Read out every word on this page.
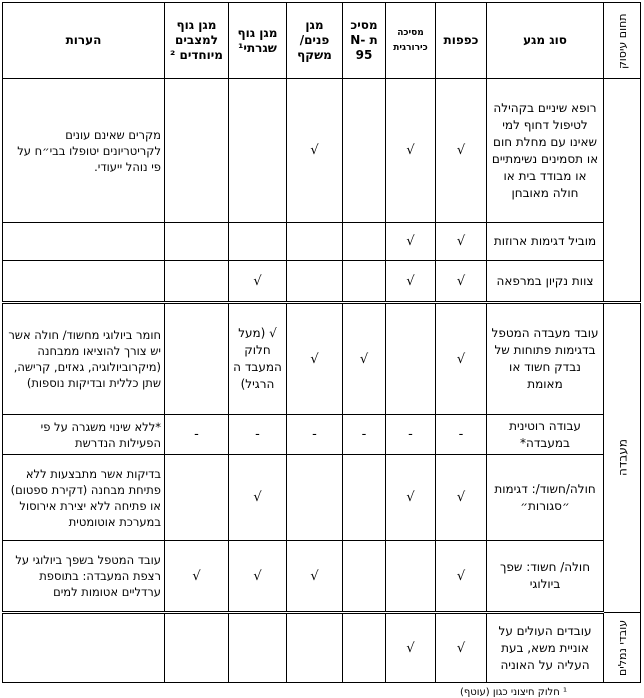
תחום עיסוק	סוג מגע	כפפות	מסיכה כירורגית	מסיכ ת N-95	מגן פנים/ משקף	מגן גוף שגרתי¹	מגן גוף למצבים מיוחדים ²	הערות
	רופא שיניים בקהילה לטיפול דחוף למי שאינו עם מחלת חום או תסמינים נשימתיים או מבודד בית או חולה מאובחן	√	√		√			מקרים שאינם עונים לקריטריונים יטופלו בבי״ח על פי נוהל ייעודי.
	מוביל דגימות ארוזות	√	√					
	צוות נקיון במרפאה	√	√			√		
מעבדה	עובד מעבדה המטפל בדגימות פתוחות של נבדק חשוד או מאומת	√		√	√	√ (מעל חלוק המעבד ה הרגיל)		חומר ביולוגי מחשוד/ חולה אשר יש צורך להוציאו ממבחנה (מיקרוביולוגיה, גאזים, קרישה, שתן כללית ובדיקות נוספות)
	עבודה רוטינית במעבדה*	-	-	-	-	-	-	*ללא שינוי משגרה על פי הפעילות הנדרשת
	חולה/חשוד/: דגימות ״סגורות״	√	√			√		בדיקות אשר מתבצעות ללא פתיחת מבחנה (דקירת ספטום) או פתיחה ללא יצירת אירוסול במערכת אוטומטית
	חולה/ חשוד: שפך ביולוגי	√			√	√	√	עובד המטפל בשפך ביולוגי על רצפת המעבדה: בתוספת ערדליים אטומות למים
עובדי נמלים	עובדים העולים על אוניית משא, בעת העליה על האוניה	√	√					
¹ חלוק חיצוני כגון (עוטף)
